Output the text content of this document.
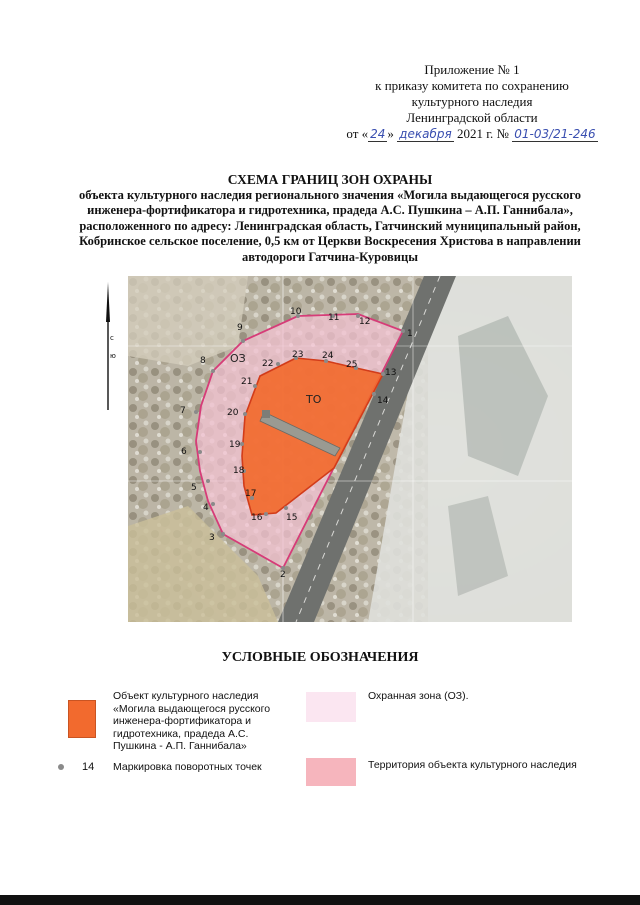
Приложение № 1
к приказу комитета по сохранению
культурного наследия
Ленинградской области
от « 24 » декабря 2021 г. № 01-03/21-246
СХЕМА ГРАНИЦ ЗОН ОХРАНЫ
объекта культурного наследия регионального значения «Могила выдающегося русского
инженера-фортификатора и гидротехника, прадеда А.С. Пушкина – А.П. Ганнибала»,
расположенного по адресу: Ленинградская область, Гатчинский муниципальный район,
Кобринское сельское поселение, 0,5 км от Церкви Воскресения Христова в направлении
автодороги Гатчина-Куровицы
с
ю	ОЗ
ТО
1
2
3
4
5
6
7
8
9
10
11 12
13
14
15
16
17
18
19
20
21
22
23 24
25
УСЛОВНЫЕ ОБОЗНАЧЕНИЯ
Объект культурного наследия «Могила выдающегося русского инженера-фортификатора и гидротехника, прадеда А.С. Пушкина - А.П. Ганнибала»
Охранная зона (ОЗ).
14 Маркировка поворотных точек	Территория объекта культурного наследия
